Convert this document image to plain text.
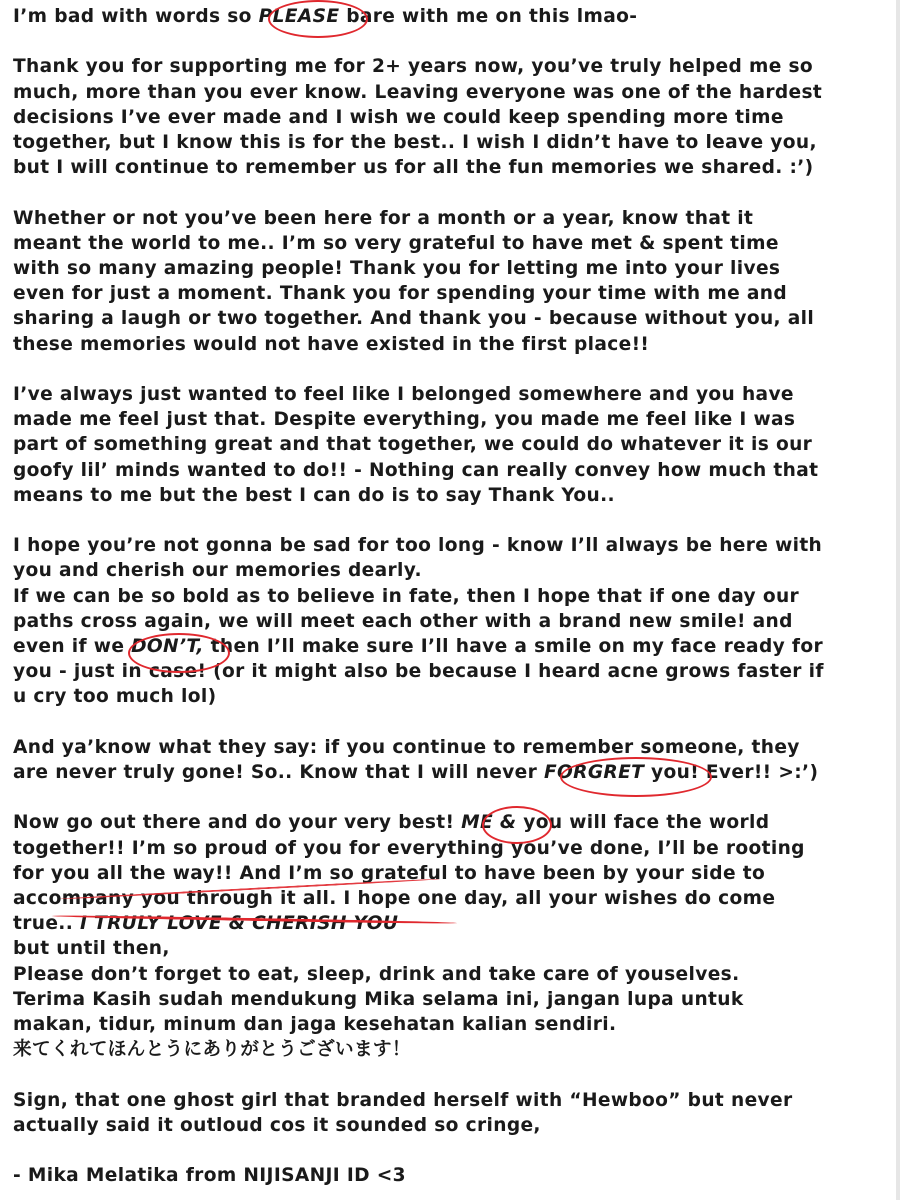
I’m bad with words so PLEASE bare with me on this lmao-

Thank you for supporting me for 2+ years now, you’ve truly helped me so

much, more than you ever know. Leaving everyone was one of the hardest

decisions I’ve ever made and I wish we could keep spending more time

together, but I know this is for the best.. I wish I didn’t have to leave you,

but I will continue to remember us for all the fun memories we shared. :’)

Whether or not you’ve been here for a month or a year, know that it

meant the world to me.. I’m so very grateful to have met & spent time

with so many amazing people! Thank you for letting me into your lives

even for just a moment. Thank you for spending your time with me and

sharing a laugh or two together. And thank you - because without you, all

these memories would not have existed in the first place!!

I’ve always just wanted to feel like I belonged somewhere and you have

made me feel just that. Despite everything, you made me feel like I was

part of something great and that together, we could do whatever it is our

goofy lil’ minds wanted to do!! - Nothing can really convey how much that

means to me but the best I can do is to say Thank You..

I hope you’re not gonna be sad for too long - know I’ll always be here with

you and cherish our memories dearly.

If we can be so bold as to believe in fate, then I hope that if one day our

paths cross again, we will meet each other with a brand new smile! and

even if we DON’T, then I’ll make sure I’ll have a smile on my face ready for

you - just in case! (or it might also be because I heard acne grows faster if

u cry too much lol)

And ya’know what they say: if you continue to remember someone, they

are never truly gone! So.. Know that I will never FORGRET you! Ever!! >:’)

Now go out there and do your very best! ME & you will face the world

together!! I’m so proud of you for everything you’ve done, I’ll be rooting

for you all the way!! And I’m so grateful to have been by your side to

accompany you through it all. I hope one day, all your wishes do come

true.. I TRULY LOVE & CHERISH YOU

but until then,

Please don’t forget to eat, sleep, drink and take care of youselves.

Terima Kasih sudah mendukung Mika selama ini, jangan lupa untuk

makan, tidur, minum dan jaga kesehatan kalian sendiri.

来てくれてほんとうにありがとうございます！

Sign, that one ghost girl that branded herself with “Hewboo” but never

actually said it outloud cos it sounded so cringe,

- Mika Melatika from NIJISANJI ID <3
